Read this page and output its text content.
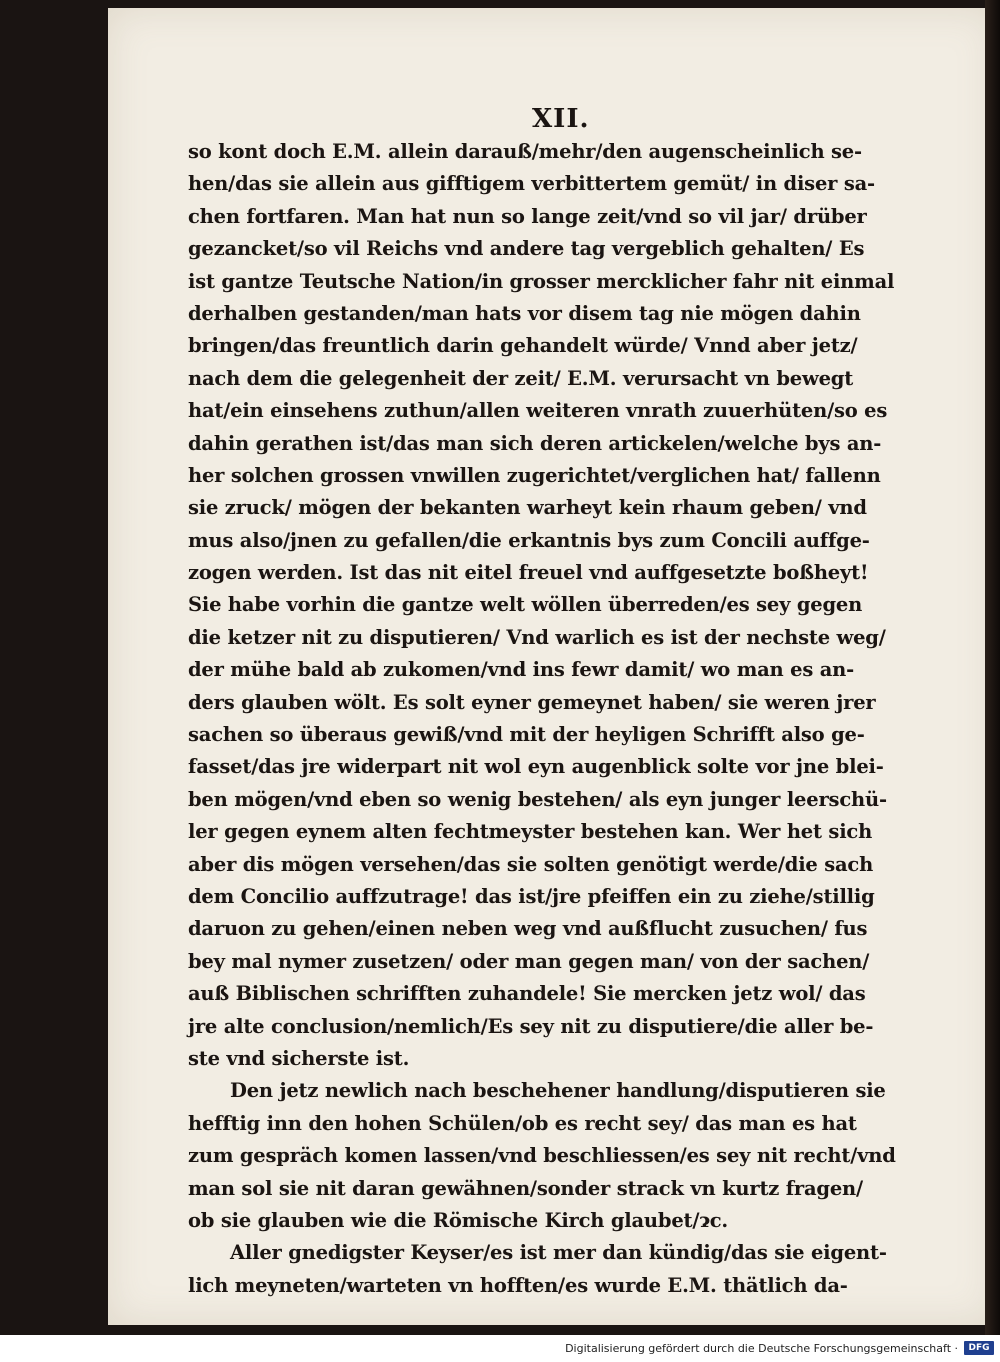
XII.
so kont doch E.M. allein darauß/mehr/den augenscheinlich se-
hen/das sie allein aus gifftigem verbittertem gemüt/ in diser sa-
chen fortfaren. Man hat nun so lange zeit/vnd so vil jar/ drüber
gezancket/so vil Reichs vnd andere tag vergeblich gehalten/ Es
ist gantze Teutsche Nation/in grosser mercklicher fahr nit einmal
derhalben gestanden/man hats vor disem tag nie mögen dahin
bringen/das freuntlich darin gehandelt würde/ Vnnd aber jetz/
nach dem die gelegenheit der zeit/ E.M. verursacht vn bewegt
hat/ein einsehens zuthun/allen weiteren vnrath zuuerhüten/so es
dahin gerathen ist/das man sich deren artickelen/welche bys an-
her solchen grossen vnwillen zugerichtet/verglichen hat/ fallenn
sie zruck/ mögen der bekanten warheyt kein rhaum geben/ vnd
mus also/jnen zu gefallen/die erkantnis bys zum Concili auffge-
zogen werden. Ist das nit eitel freuel vnd auffgesetzte boßheyt!
Sie habe vorhin die gantze welt wöllen überreden/es sey gegen
die ketzer nit zu disputieren/ Vnd warlich es ist der nechste weg/
der mühe bald ab zukomen/vnd ins fewr damit/ wo man es an-
ders glauben wölt. Es solt eyner gemeynet haben/ sie weren jrer
sachen so überaus gewiß/vnd mit der heyligen Schrifft also ge-
fasset/das jre widerpart nit wol eyn augenblick solte vor jne blei-
ben mögen/vnd eben so wenig bestehen/ als eyn junger leerschü-
ler gegen eynem alten fechtmeyster bestehen kan. Wer het sich
aber dis mögen versehen/das sie solten genötigt werde/die sach
dem Concilio auffzutrage! das ist/jre pfeiffen ein zu ziehe/stillig
daruon zu gehen/einen neben weg vnd außflucht zusuchen/ fus
bey mal nymer zusetzen/ oder man gegen man/ von der sachen/
auß Biblischen schrifften zuhandele! Sie mercken jetz wol/ das
jre alte conclusion/nemlich/Es sey nit zu disputiere/die aller be-
ste vnd sicherste ist.
Den jetz newlich nach beschehener handlung/disputieren sie
hefftig inn den hohen Schülen/ob es recht sey/ das man es hat
zum gespräch komen lassen/vnd beschliessen/es sey nit recht/vnd
man sol sie nit daran gewähnen/sonder strack vn kurtz fragen/
ob sie glauben wie die Römische Kirch glaubet/ɂc.
Aller gnedigster Keyser/es ist mer dan kündig/das sie eigent-
lich meyneten/warteten vn hofften/es wurde E.M. thätlich da-
Digitalisierung gefördert durch die Deutsche Forschungsgemeinschaft ·	DFG
